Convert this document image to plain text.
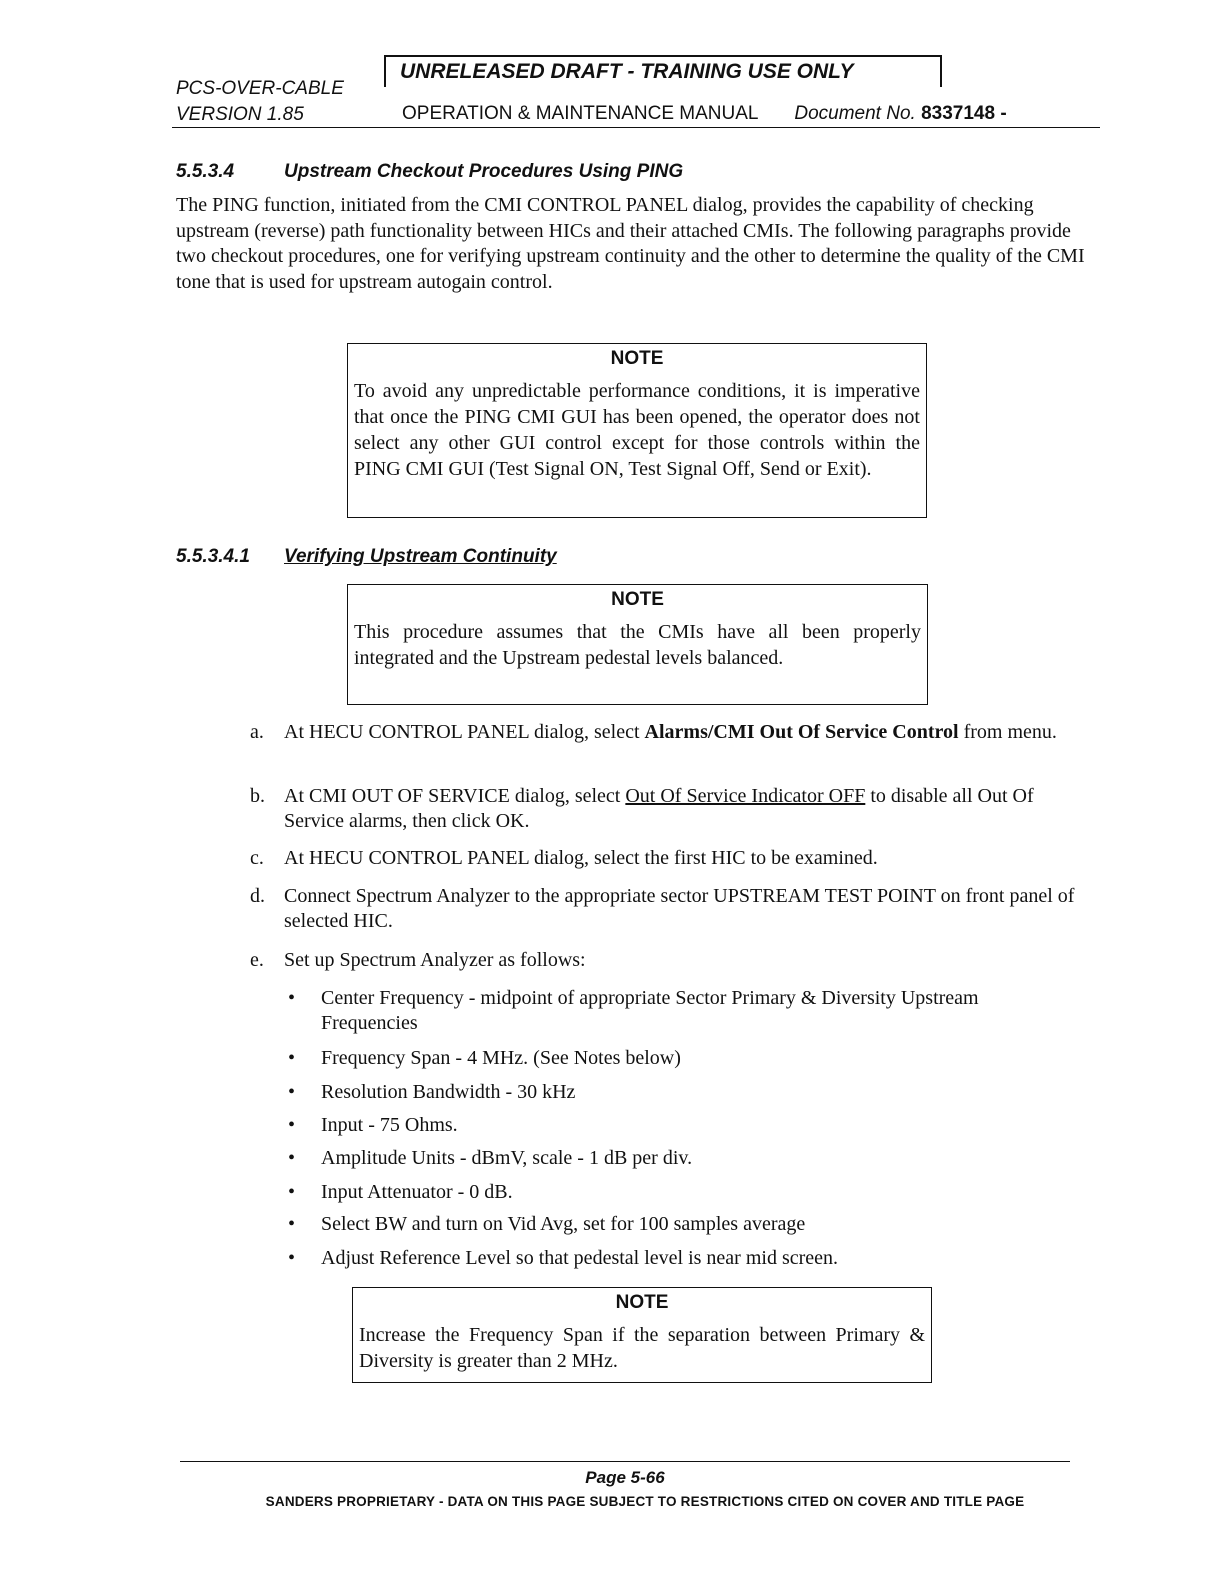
PCS-OVER-CABLE
VERSION 1.85
UNRELEASED DRAFT - TRAINING USE ONLY
OPERATION & MAINTENANCE MANUAL Document No. 8337148 -
5.5.3.4	Upstream Checkout Procedures Using PING
The PING function, initiated from the CMI CONTROL PANEL dialog, provides the capability of checking upstream (reverse) path functionality between HICs and their attached CMIs. The following paragraphs provide two checkout procedures, one for verifying upstream continuity and the other to determine the quality of the CMI tone that is used for upstream autogain control.
NOTE
To avoid any unpredictable performance conditions, it is imperative that once the PING CMI GUI has been opened, the operator does not select any other GUI control except for those controls within the PING CMI GUI (Test Signal ON, Test Signal Off, Send or Exit).
5.5.3.4.1 Verifying Upstream Continuity
NOTE
This procedure assumes that the CMIs have all been properly integrated and the Upstream pedestal levels balanced.
a. At HECU CONTROL PANEL dialog, select Alarms/CMI Out Of Service Control from menu.
b. At CMI OUT OF SERVICE dialog, select Out Of Service Indicator OFF to disable all Out Of Service alarms, then click OK.
c. At HECU CONTROL PANEL dialog, select the first HIC to be examined.
d. Connect Spectrum Analyzer to the appropriate sector UPSTREAM TEST POINT on front panel of selected HIC.
e. Set up Spectrum Analyzer as follows:
• Center Frequency - midpoint of appropriate Sector Primary & Diversity Upstream Frequencies
• Frequency Span - 4 MHz. (See Notes below)
• Resolution Bandwidth - 30 kHz
• Input - 75 Ohms.
• Amplitude Units - dBmV, scale - 1 dB per div.
• Input Attenuator - 0 dB.
• Select BW and turn on Vid Avg, set for 100 samples average
• Adjust Reference Level so that pedestal level is near mid screen.
NOTE
Increase the Frequency Span if the separation between Primary & Diversity is greater than 2 MHz.
Page 5-66
SANDERS PROPRIETARY - DATA ON THIS PAGE SUBJECT TO RESTRICTIONS CITED ON COVER AND TITLE PAGE
